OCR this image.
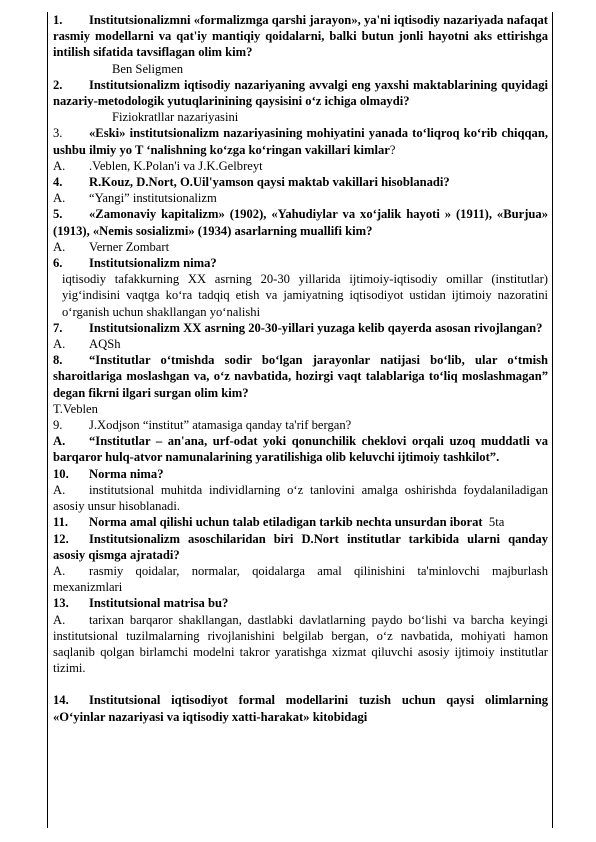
1. Institutsionalizmni «formalizmga qarshi jarayon», ya'ni iqtisodiy nazariyada nafaqat rasmiy modellarni va qat'iy mantiqiy qoidalarni, balki butun jonli hayotni aks ettirishga intilish sifatida tavsiflagan olim kim?
Ben Seligmen
2. Institutsionalizm iqtisodiy nazariyaning avvalgi eng yaxshi maktablarining quyidagi nazariy-metodologik yutuqlarinining qaysisini o‘z ichiga olmaydi?
Fiziokratllar nazariyasini
3. «Eski» institutsionalizm nazariyasining mohiyatini yanada to‘liqroq ko‘rib chiqqan, ushbu ilmiy yo T ‘nalishning ko‘zga ko‘ringan vakillari kimlar?
A. .Veblen, K.Polan'i va J.K.Gelbreyt
4. R.Kouz, D.Nort, O.Uil'yamson qaysi maktab vakillari hisoblanadi?
A. “Yangi” institutsionalizm
5. «Zamonaviy kapitalizm» (1902), «Yahudiylar va xo‘jalik hayoti » (1911), «Burjua» (1913), «Nemis sosializmi» (1934) asarlarning muallifi kim?
A. Verner Zombart
6. Institutsionalizm nima?
iqtisodiy tafakkurning XX asrning 20-30 yillarida ijtimoiy-iqtisodiy omillar (institutlar) yig‘indisini vaqtga ko‘ra tadqiq etish va jamiyatning iqtisodiyot ustidan ijtimoiy nazoratini o‘rganish uchun shakllangan yo‘nalishi
7. Institutsionalizm XX asrning 20-30-yillari yuzaga kelib qayerda asosan rivojlangan?
A. AQSh
8. “Institutlar o‘tmishda sodir bo‘lgan jarayonlar natijasi bo‘lib, ular o‘tmish sharoitlariga moslashgan va, o‘z navbatida, hozirgi vaqt talablariga to‘liq moslashmagan” degan fikrni ilgari surgan olim kim?
T.Veblen
9. J.Xodjson “institut” atamasiga qanday ta'rif bergan?
A. “Institutlar – an'ana, urf-odat yoki qonunchilik cheklovi orqali uzoq muddatli va barqaror hulq-atvor namunalarining yaratilishiga olib keluvchi ijtimoiy tashkilot”.
10. Norma nima?
A. institutsional muhitda individlarning o‘z tanlovini amalga oshirishda foydalaniladigan asosiy unsur hisoblanadi.
11. Norma amal qilishi uchun talab etiladigan tarkib nechta unsurdan iborat 5ta
12. Institutsionalizm asoschilaridan biri D.Nort institutlar tarkibida ularni qanday asosiy qismga ajratadi?
A. rasmiy qoidalar, normalar, qoidalarga amal qilinishini ta'minlovchi majburlash mexanizmlari
13. Institutsional matrisa bu?
A. tarixan barqaror shakllangan, dastlabki davlatlarning paydo bo‘lishi va barcha keyingi institutsional tuzilmalarning rivojlanishini belgilab bergan, o‘z navbatida, mohiyati hamon saqlanib qolgan birlamchi modelni takror yaratishga xizmat qiluvchi asosiy ijtimoiy institutlar tizimi.
14. Institutsional iqtisodiyot formal modellarini tuzish uchun qaysi olimlarning «O‘yinlar nazariyasi va iqtisodiy xatti-harakat» kitobidagi
